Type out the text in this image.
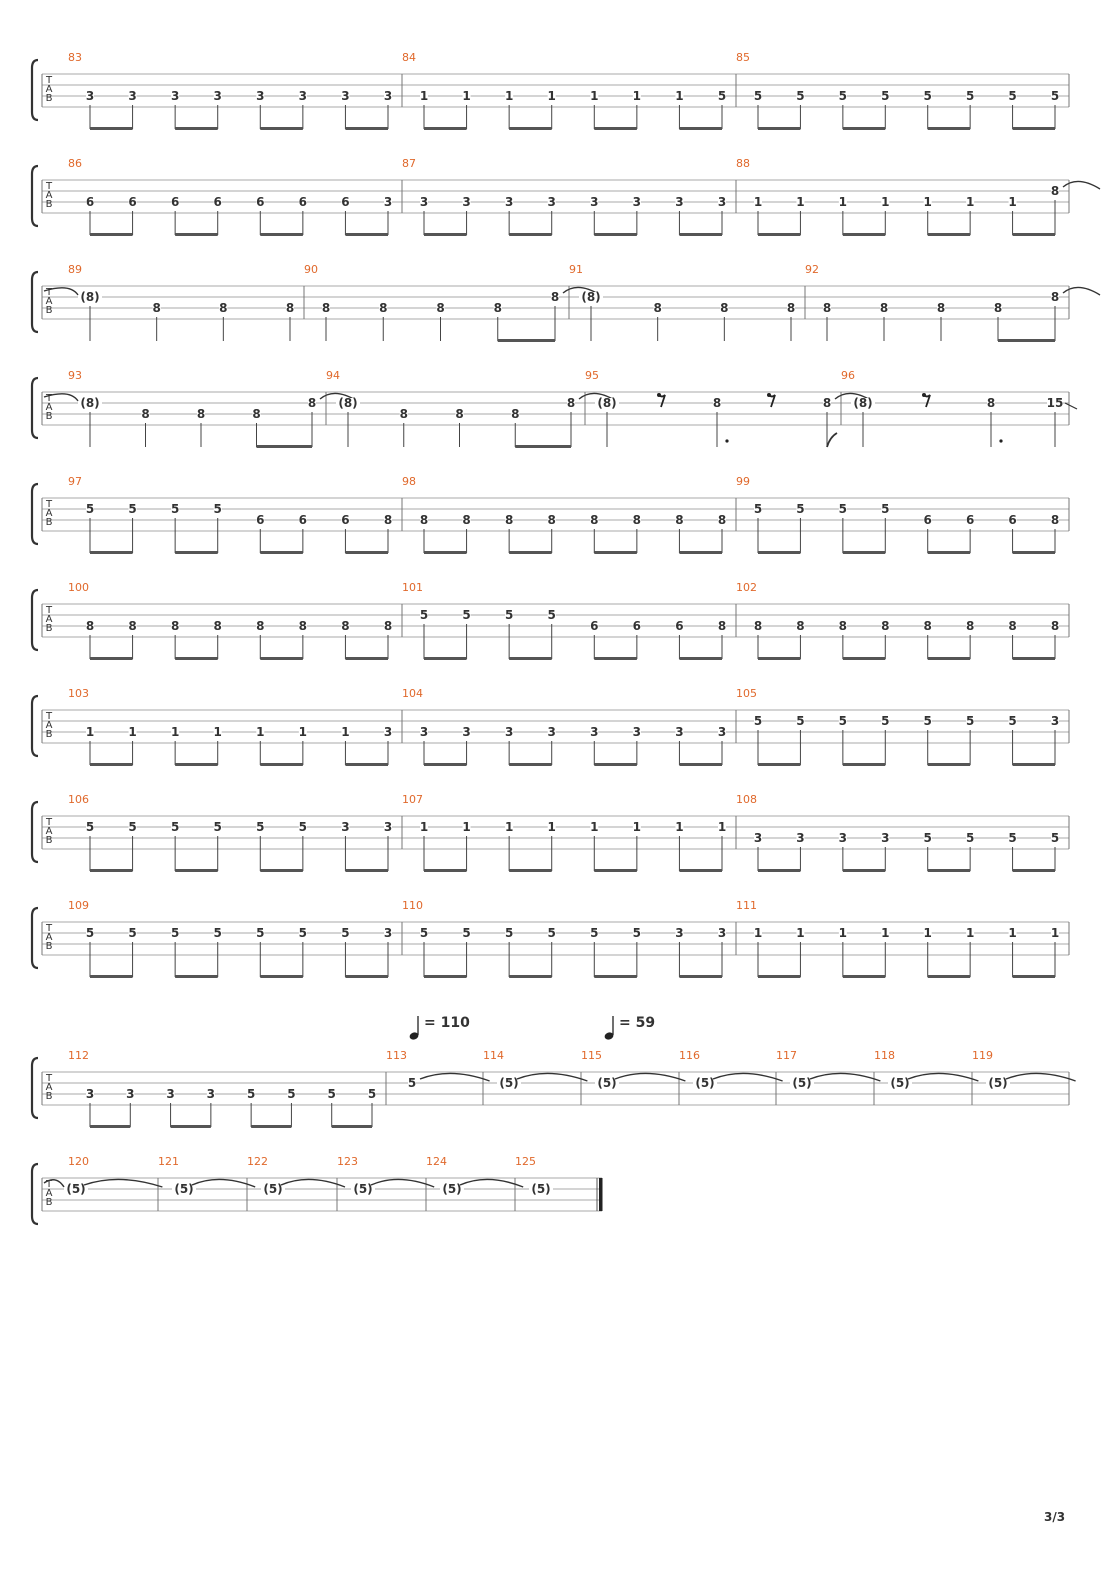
T
A
B
83
3	3	3	3	3	3	3	3
84
1	1	1	1	1	1	1	5
85
5	5	5	5	5	5	5	5
T
A
B
86
6	6	6	6	6	6	6	3
87
3	3	3	3	3	3	3	3
88
1	1	1	1	1	1	1
8
T
A
B
89
(8)
8	8	8
90
8	8	8	8
8
91
(8)
8	8	8
92
8	8	8	8
8
T
A
B
93
(8)
8	8	8
8
94
(8)
8	8	8
8
95
(8)	8	8
96
(8)	8	15
T
A
B
97
5	5	5	5
6	6	6	8
98
8	8	8	8	8	8	8	8
99
5	5	5	5
6	6	6	8
T
A
B
100
8	8	8	8	8	8	8	8
101
5	5	5	5
6	6	6	8
102
8	8	8	8	8	8	8	8
T
A
B
103
1	1	1	1	1	1	1	3
104
3	3	3	3	3	3	3	3
105
5	5	5	5	5	5	5	3
T
A
B
106
5	5	5	5	5	5	3	3
107
1	1	1	1	1	1	1	1
108
3	3	3	3	5	5	5	5
T
A
B
109
5	5	5	5	5	5	5	3
110
5	5	5	5	5	5	3	3
111
1	1	1	1	1	1	1	1
T
A
B
112
3	3	3	3	5	5	5	5
113
5
= 110
114
(5)
115
(5)
= 59
116
(5)
117
(5)
118
(5)
119
(5)
T
A
B
120
(5)
121
(5)
122
(5)
123
(5)
124
(5)
125
(5)
3/3
